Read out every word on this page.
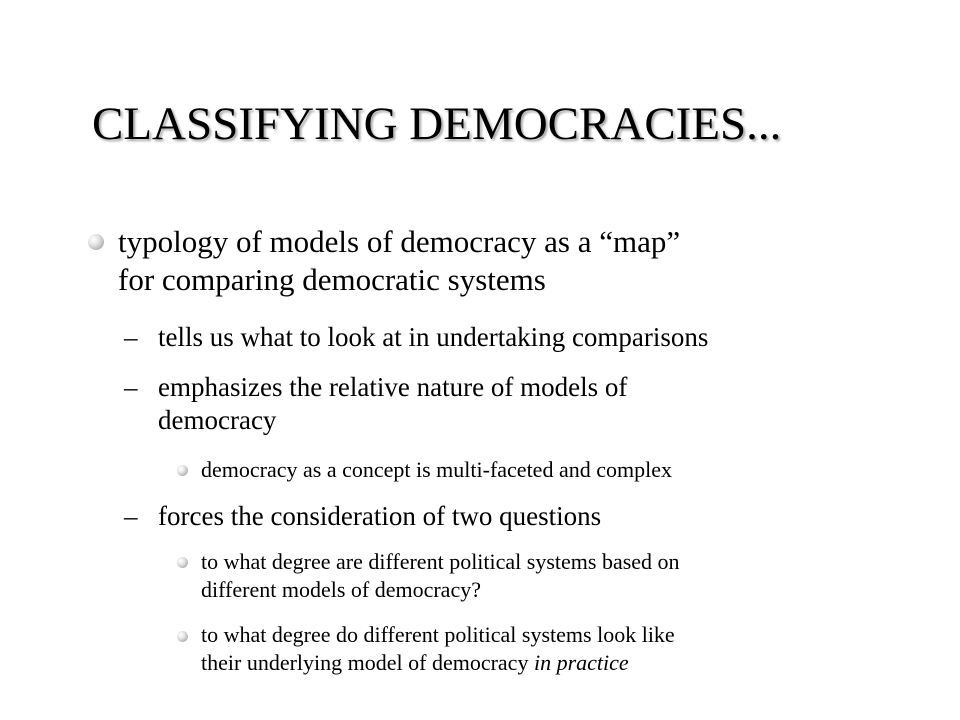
CLASSIFYING DEMOCRACIES...
typology of models of democracy as a “map”
for comparing democratic systems
– tells us what to look at in undertaking comparisons
– emphasizes the relative nature of models of
democracy
democracy as a concept is multi-faceted and complex
– forces the consideration of two questions
to what degree are different political systems based on
different models of democracy?
to what degree do different political systems look like
their underlying model of democracy in practice
